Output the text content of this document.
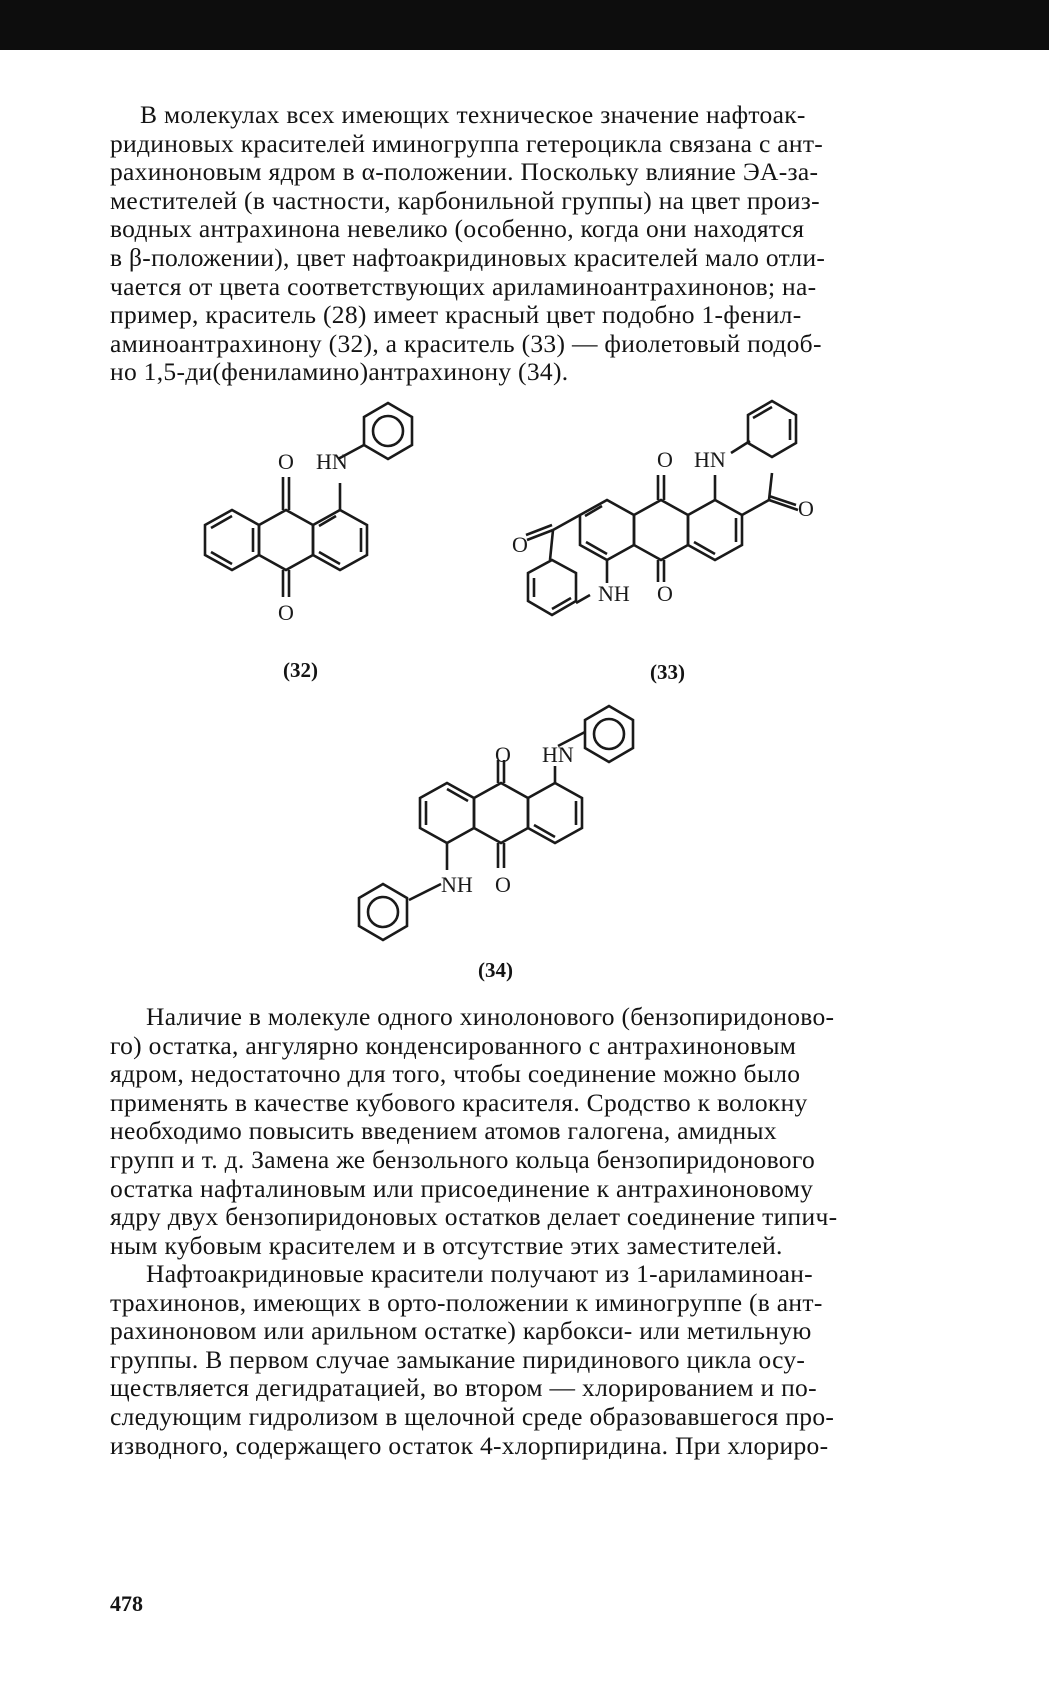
В молекулах всех имеющих техническое значение нафтоак-
ридиновых красителей иминогруппа гетероцикла связана с ант-
рахиноновым ядром в α-положении. Поскольку влияние ЭА-за-
местителей (в частности, карбонильной группы) на цвет произ-
водных антрахинона невелико (особенно, когда они находятся
в β-положении), цвет нафтоакридиновых красителей мало отли-
чается от цвета соответствующих ариламиноантрахинонов; на-
пример, краситель (28) имеет красный цвет подобно 1-фенил-
аминоантрахинону (32), а краситель (33) — фиолетовый подоб-
но 1,5-ди(фениламино)антрахинону (34).
O HN
O
(32)
O HN
O
O
NH O
(33)
O HN
NH O
(34)
Наличие в молекуле одного хинолонового (бензопиридоново-
го) остатка, ангулярно конденсированного с антрахиноновым
ядром, недостаточно для того, чтобы соединение можно было
применять в качестве кубового красителя. Сродство к волокну
необходимо повысить введением атомов галогена, амидных
групп и т. д. Замена же бензольного кольца бензопиридонового
остатка нафталиновым или присоединение к антрахиноновому
ядру двух бензопиридоновых остатков делает соединение типич-
ным кубовым красителем и в отсутствие этих заместителей.
Нафтоакридиновые красители получают из 1-ариламиноан-
трахинонов, имеющих в орто-положении к иминогруппе (в ант-
рахиноновом или арильном остатке) карбокси- или метильную
группы. В первом случае замыкание пиридинового цикла осу-
ществляется дегидратацией, во втором — хлорированием и по-
следующим гидролизом в щелочной среде образовавшегося про-
изводного, содержащего остаток 4-хлорпиридина. При хлориро-
478
